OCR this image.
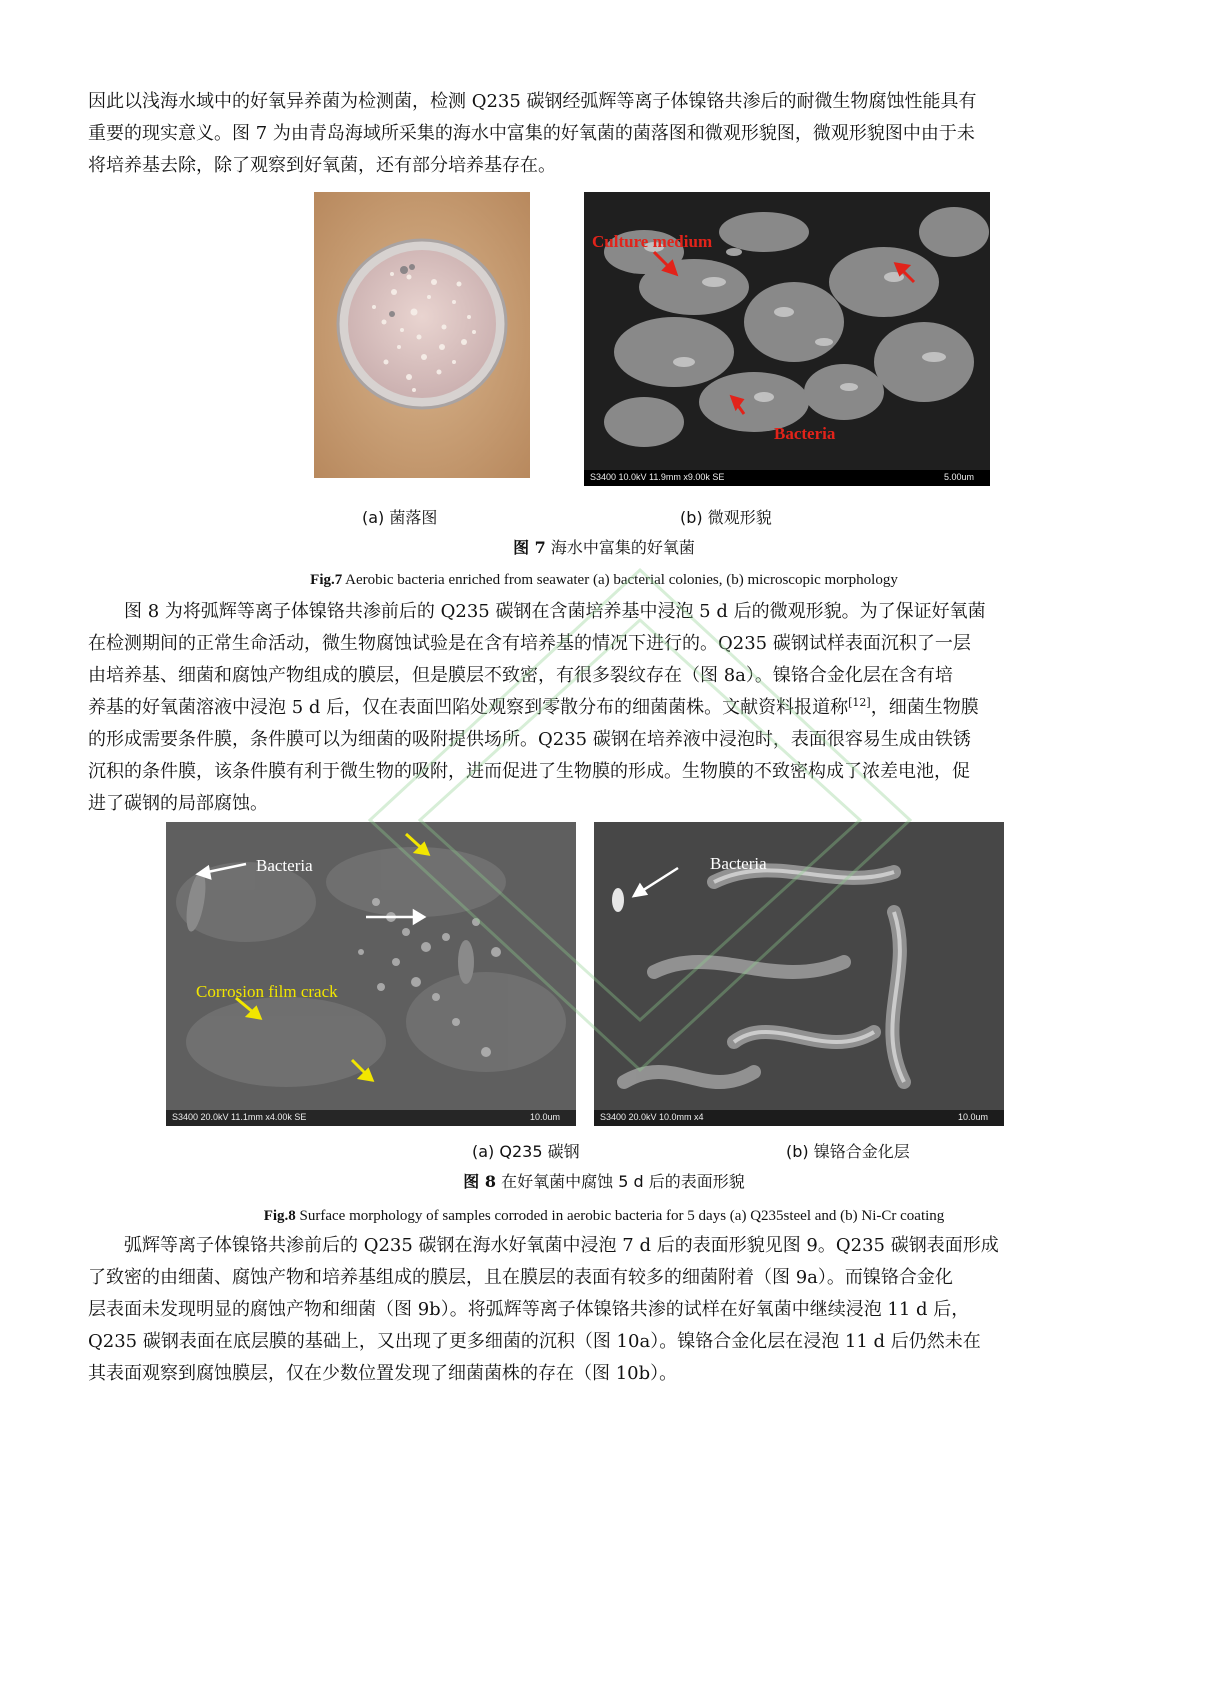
因此以浅海水域中的好氧异养菌为检测菌，检测 Q235 碳钢经弧辉等离子体镍铬共渗后的耐微生物腐蚀性能具有
重要的现实意义。图 7 为由青岛海域所采集的海水中富集的好氧菌的菌落图和微观形貌图，微观形貌图中由于未
将培养基去除，除了观察到好氧菌，还有部分培养基存在。
Culture medium
Bacteria
S3400 10.0kV 11.9mm x9.00k SE	5.00um
(a) 菌落图	(b) 微观形貌
图 7 海水中富集的好氧菌
Fig.7 Aerobic bacteria enriched from seawater (a) bacterial colonies, (b) microscopic morphology
图 8 为将弧辉等离子体镍铬共渗前后的 Q235 碳钢在含菌培养基中浸泡 5 d 后的微观形貌。为了保证好氧菌
在检测期间的正常生命活动，微生物腐蚀试验是在含有培养基的情况下进行的。Q235 碳钢试样表面沉积了一层
由培养基、细菌和腐蚀产物组成的膜层，但是膜层不致密，有很多裂纹存在（图 8a）。镍铬合金化层在含有培
养基的好氧菌溶液中浸泡 5 d 后，仅在表面凹陷处观察到零散分布的细菌菌株。文献资料报道称[12]，细菌生物膜
的形成需要条件膜，条件膜可以为细菌的吸附提供场所。Q235 碳钢在培养液中浸泡时，表面很容易生成由铁锈
沉积的条件膜，该条件膜有利于微生物的吸附，进而促进了生物膜的形成。生物膜的不致密构成了浓差电池，促
进了碳钢的局部腐蚀。
Bacteria
Corrosion film crack
S3400 20.0kV 11.1mm x4.00k SE	10.0um
Bacteria
S3400 20.0kV 10.0mm x4	10.0um
(a) Q235 碳钢	(b) 镍铬合金化层
图 8 在好氧菌中腐蚀 5 d 后的表面形貌
Fig.8 Surface morphology of samples corroded in aerobic bacteria for 5 days (a) Q235steel and (b) Ni-Cr coating
弧辉等离子体镍铬共渗前后的 Q235 碳钢在海水好氧菌中浸泡 7 d 后的表面形貌见图 9。Q235 碳钢表面形成
了致密的由细菌、腐蚀产物和培养基组成的膜层，且在膜层的表面有较多的细菌附着（图 9a）。而镍铬合金化
层表面未发现明显的腐蚀产物和细菌（图 9b）。将弧辉等离子体镍铬共渗的试样在好氧菌中继续浸泡 11 d 后，
Q235 碳钢表面在底层膜的基础上，又出现了更多细菌的沉积（图 10a）。镍铬合金化层在浸泡 11 d 后仍然未在
其表面观察到腐蚀膜层，仅在少数位置发现了细菌菌株的存在（图 10b）。
